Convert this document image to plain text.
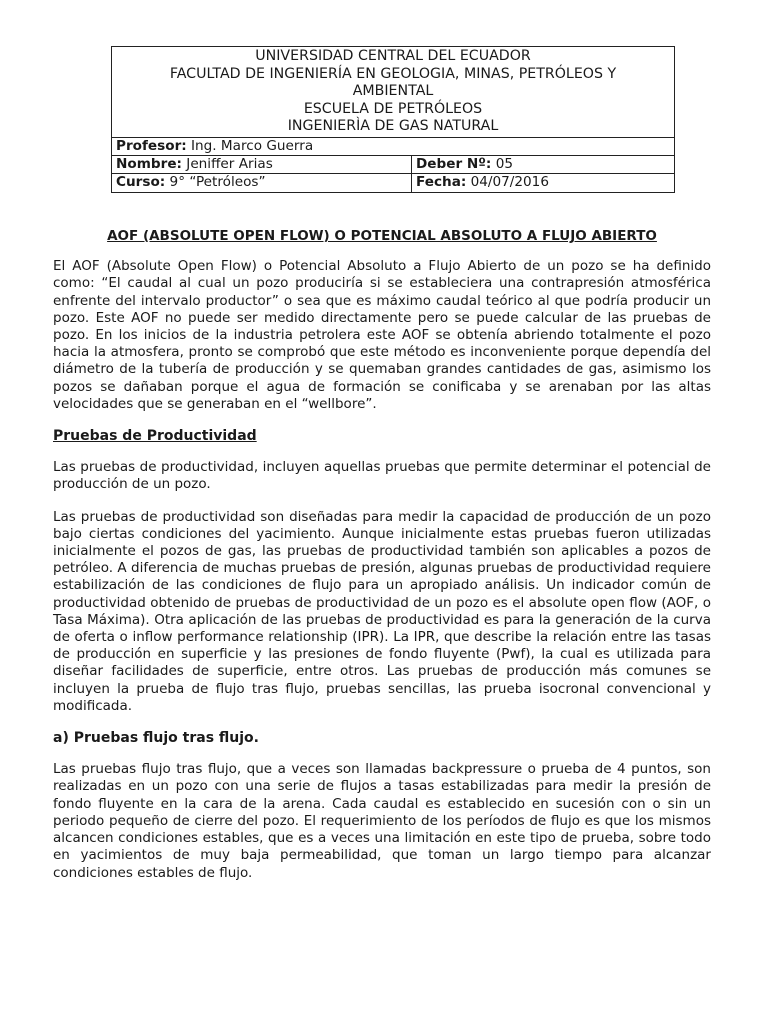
UNIVERSIDAD CENTRAL DEL ECUADOR
FACULTAD DE INGENIERÍA EN GEOLOGIA, MINAS, PETRÓLEOS Y
AMBIENTAL
ESCUELA DE PETRÓLEOS
INGENIERÌA DE GAS NATURAL
Profesor: Ing. Marco Guerra
Nombre: Jeniffer Arias	Deber Nº: 05
Curso: 9° “Petróleos”	Fecha: 04/07/2016
AOF (ABSOLUTE OPEN FLOW) O POTENCIAL ABSOLUTO A FLUJO ABIERTO

El AOF (Absolute Open Flow) o Potencial Absoluto a Flujo Abierto de un pozo se ha definido como: “El caudal al cual un pozo produciría si se estableciera una contrapresión atmosférica enfrente del intervalo productor” o sea que es máximo caudal teórico al que podría producir un pozo. Este AOF no puede ser medido directamente pero se puede calcular de las pruebas de pozo. En los inicios de la industria petrolera este AOF se obtenía abriendo totalmente el pozo hacia la atmosfera, pronto se comprobó que este método es inconveniente porque dependía del diámetro de la tubería de producción y se quemaban grandes cantidades de gas, asimismo los pozos se dañaban porque el agua de formación se conificaba y se arenaban por las altas velocidades que se generaban en el “wellbore”.

Pruebas de Productividad

Las pruebas de productividad, incluyen aquellas pruebas que permite determinar el potencial de producción de un pozo.

Las pruebas de productividad son diseñadas para medir la capacidad de producción de un pozo bajo ciertas condiciones del yacimiento. Aunque inicialmente estas pruebas fueron utilizadas inicialmente el pozos de gas, las pruebas de productividad también son aplicables a pozos de petróleo. A diferencia de muchas pruebas de presión, algunas pruebas de productividad requiere estabilización de las condiciones de flujo para un apropiado análisis. Un indicador común de productividad obtenido de pruebas de productividad de un pozo es el absolute open flow (AOF, o Tasa Máxima). Otra aplicación de las pruebas de productividad es para la generación de la curva de oferta o inflow performance relationship (IPR). La IPR, que describe la relación entre las tasas de producción en superficie y las presiones de fondo fluyente (Pwf), la cual es utilizada para diseñar facilidades de superficie, entre otros. Las pruebas de producción más comunes se incluyen la prueba de flujo tras flujo, pruebas sencillas, las prueba isocronal convencional y modificada.

a) Pruebas flujo tras flujo.

Las pruebas flujo tras flujo, que a veces son llamadas backpressure o prueba de 4 puntos, son realizadas en un pozo con una serie de flujos a tasas estabilizadas para medir la presión de fondo fluyente en la cara de la arena. Cada caudal es establecido en sucesión con o sin un periodo pequeño de cierre del pozo. El requerimiento de los períodos de flujo es que los mismos alcancen condiciones estables, que es a veces una limitación en este tipo de prueba, sobre todo en yacimientos de muy baja permeabilidad, que toman un largo tiempo para alcanzar condiciones estables de flujo.
